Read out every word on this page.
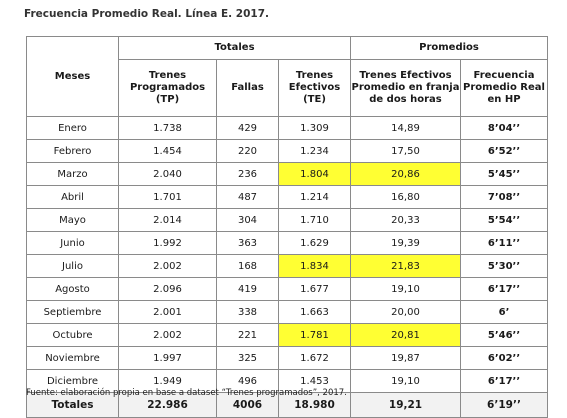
Frecuencia Promedio Real. Línea E. 2017.
Meses	Totales			Promedios	
	Trenes Programados (TP)	Fallas	Trenes Efectivos (TE)	Trenes Efectivos Promedio en franja de dos horas	Frecuencia Promedio Real en HP
Enero	1.738	429	1.309	14,89	8’04’’
Febrero	1.454	220	1.234	17,50	6’52’’
Marzo	2.040	236	1.804	20,86	5’45’’
Abril	1.701	487	1.214	16,80	7’08’’
Mayo	2.014	304	1.710	20,33	5’54’’
Junio	1.992	363	1.629	19,39	6’11’’
Julio	2.002	168	1.834	21,83	5’30’’
Agosto	2.096	419	1.677	19,10	6’17’’
Septiembre	2.001	338	1.663	20,00	6’
Octubre	2.002	221	1.781	20,81	5’46’’
Noviembre	1.997	325	1.672	19,87	6’02’’
Diciembre	1.949	496	1.453	19,10	6’17’’
Totales	22.986	4006	18.980	19,21	6’19’’
Fuente: elaboración propia en base a dataset “Trenes programados”, 2017.
